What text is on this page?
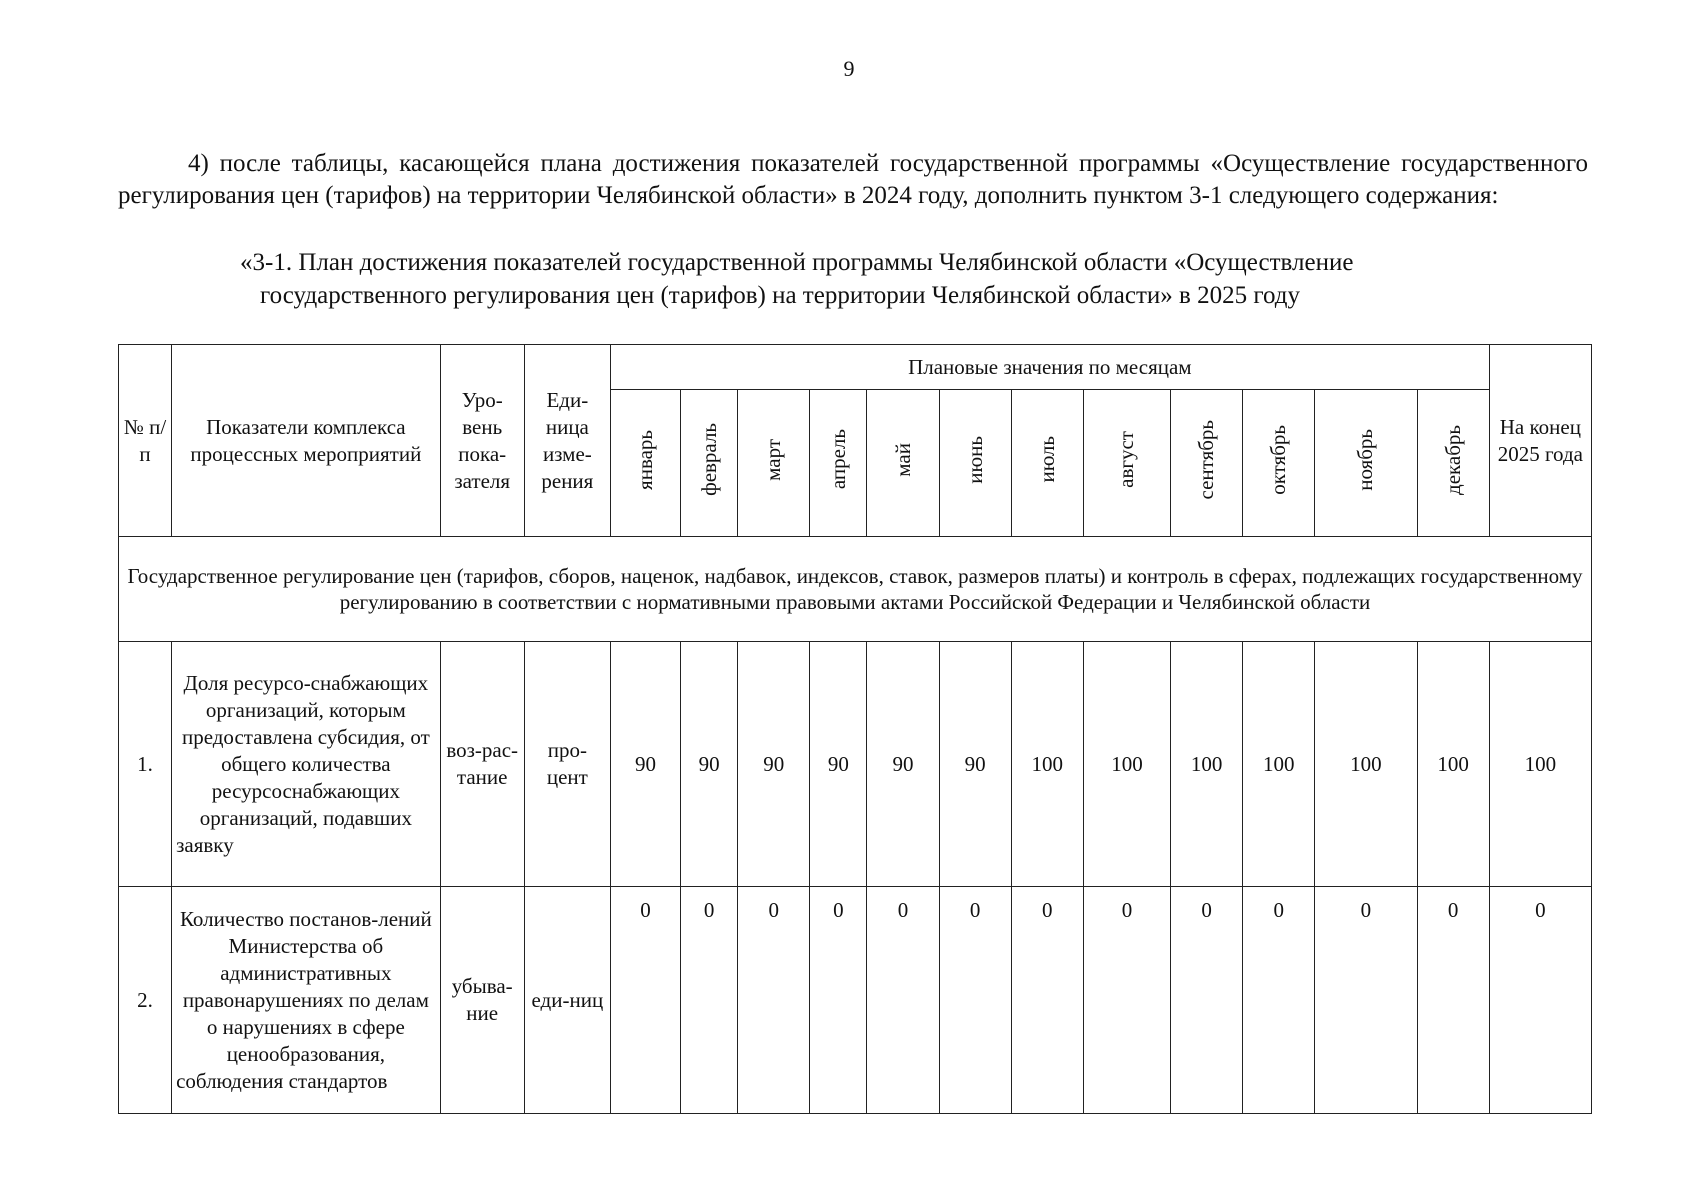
9
4) после таблицы, касающейся плана достижения показателей государственной программы «Осуществление государственного регулирования цен (тарифов) на территории Челябинской области» в 2024 году, дополнить пунктом 3-1 следующего содержания:
«3-1. План достижения показателей государственной программы Челябинской области «Осуществление
государственного регулирования цен (тарифов) на территории Челябинской области» в 2025 году
№ п/п	Показатели комплекса процессных мероприятий	Уро-вень пока-зателя	Еди-ница изме-рения	Плановые значения по месяцам												На конец 2025 года
				январь	февраль	март	апрель	май	июнь	июль	август	сентябрь	октябрь	ноябрь	декабрь	
Государственное регулирование цен (тарифов, сборов, наценок, надбавок, индексов, ставок, размеров платы) и контроль в сферах, подлежащих государственному регулированию в соответствии с нормативными правовыми актами Российской Федерации и Челябинской области																
1.	Доля ресурсо-снабжающих организаций, которым предоставлена субсидия, от общего количества ресурсоснабжающих организаций, подавших заявку	воз-рас-тание	про-цент	90	90	90	90	90	90	100	100	100	100	100	100	100
2.	Количество постанов-лений Министерства об административных правонарушениях по делам о нарушениях в сфере ценообразования, соблюдения стандартов	убыва-ние	еди-ниц	0	0	0	0	0	0	0	0	0	0	0	0	0
